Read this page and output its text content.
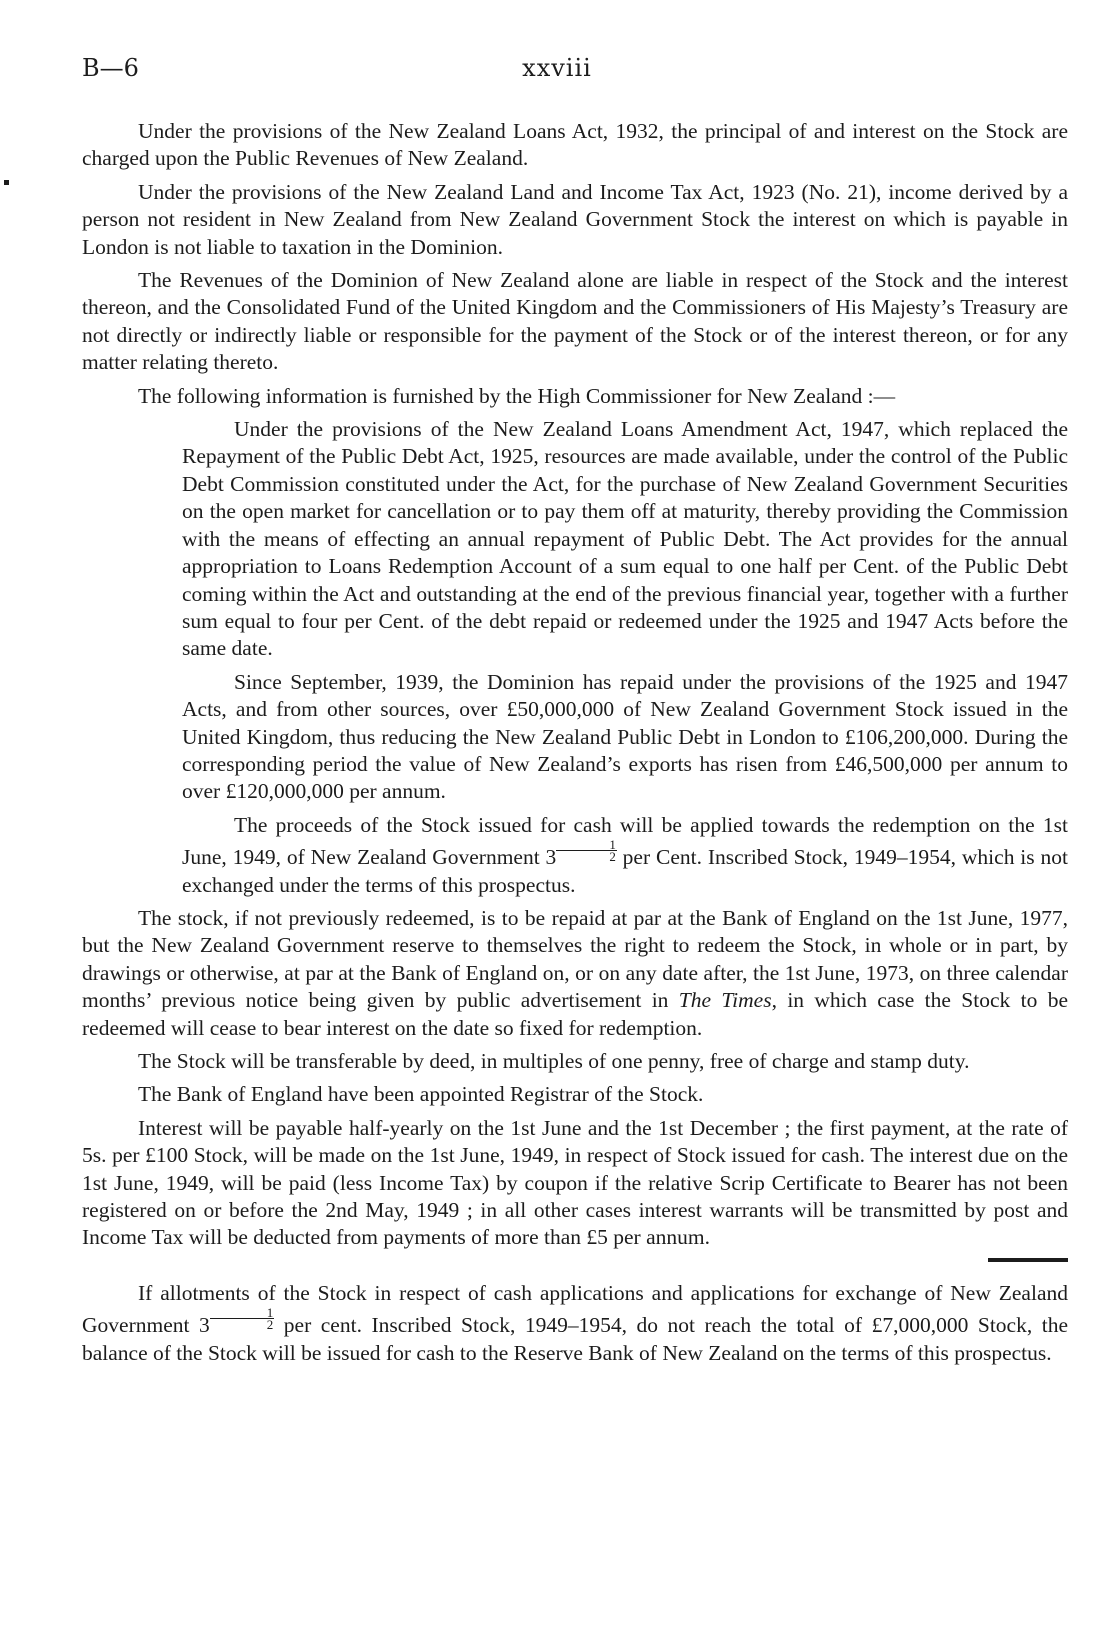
B—6	xxviii

Under the provisions of the New Zealand Loans Act, 1932, the principal of and interest on the Stock are charged upon the Public Revenues of New Zealand.

Under the provisions of the New Zealand Land and Income Tax Act, 1923 (No. 21), income derived by a person not resident in New Zealand from New Zealand Government Stock the interest on which is payable in London is not liable to taxation in the Dominion.

The Revenues of the Dominion of New Zealand alone are liable in respect of the Stock and the interest thereon, and the Consolidated Fund of the United Kingdom and the Commissioners of His Majesty’s Treasury are not directly or indirectly liable or responsible for the payment of the Stock or of the interest thereon, or for any matter relating thereto.

The following information is furnished by the High Commissioner for New Zealand :—

Under the provisions of the New Zealand Loans Amendment Act, 1947, which replaced the Repayment of the Public Debt Act, 1925, resources are made available, under the control of the Public Debt Commission constituted under the Act, for the purchase of New Zealand Government Securities on the open market for cancellation or to pay them off at maturity, thereby providing the Commission with the means of effecting an annual repayment of Public Debt. The Act provides for the annual appropriation to Loans Redemption Account of a sum equal to one half per Cent. of the Public Debt coming within the Act and outstanding at the end of the previous financial year, together with a further sum equal to four per Cent. of the debt repaid or redeemed under the 1925 and 1947 Acts before the same date.

Since September, 1939, the Dominion has repaid under the provisions of the 1925 and 1947 Acts, and from other sources, over £50,000,000 of New Zealand Government Stock issued in the United Kingdom, thus reducing the New Zealand Public Debt in London to £106,200,000. During the corresponding period the value of New Zealand’s exports has risen from £46,500,000 per annum to over £120,000,000 per annum.

The proceeds of the Stock issued for cash will be applied towards the redemption on the 1st June, 1949, of New Zealand Government $3 \frac{1}{2}$ per Cent. Inscribed Stock, 1949–1954, which is not exchanged under the terms of this prospectus.

The stock, if not previously redeemed, is to be repaid at par at the Bank of England on the 1st June, 1977, but the New Zealand Government reserve to themselves the right to redeem the Stock, in whole or in part, by drawings or otherwise, at par at the Bank of England on, or on any date after, the 1st June, 1973, on three calendar months’ previous notice being given by public advertisement in The Times, in which case the Stock to be redeemed will cease to bear interest on the date so fixed for redemption.

The Stock will be transferable by deed, in multiples of one penny, free of charge and stamp duty.

The Bank of England have been appointed Registrar of the Stock.

Interest will be payable half-yearly on the 1st June and the 1st December ; the first payment, at the rate of 5s. per £100 Stock, will be made on the 1st June, 1949, in respect of Stock issued for cash. The interest due on the 1st June, 1949, will be paid (less Income Tax) by coupon if the relative Scrip Certificate to Bearer has not been registered on or before the 2nd May, 1949 ; in all other cases interest warrants will be transmitted by post and Income Tax will be deducted from payments of more than £5 per annum.

If allotments of the Stock in respect of cash applications and applications for exchange of New Zealand Government $3 \frac{1}{2}$ per cent. Inscribed Stock, 1949–1954, do not reach the total of £7,000,000 Stock, the balance of the Stock will be issued for cash to the Reserve Bank of New Zealand on the terms of this prospectus.
